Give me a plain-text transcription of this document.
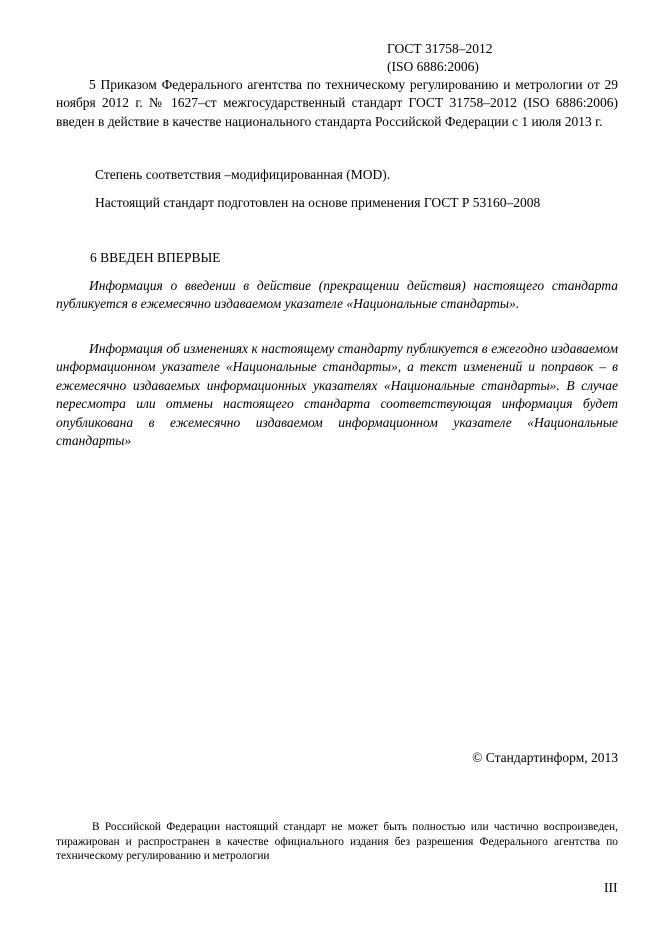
ГОСТ 31758–2012
(ISO 6886:2006)

5 Приказом Федерального агентства по техническому регулированию и метрологии от 29 ноября 2012 г. № 1627–ст межгосударственный стандарт ГОСТ 31758–2012 (ISO 6886:2006) введен в действие в качестве национального стандарта Российской Федерации с 1 июля 2013 г.

Степень соответствия –модифицированная (MOD).

Настоящий стандарт подготовлен на основе применения ГОСТ Р 53160–2008

6 ВВЕДЕН ВПЕРВЫЕ

Информация о введении в действие (прекращении действия) настоящего стандарта публикуется в ежемесячно издаваемом указателе «Национальные стандарты».

Информация об изменениях к настоящему стандарту публикуется в ежегодно издаваемом информационном указателе «Национальные стандарты», а текст изменений и поправок – в ежемесячно издаваемых информационных указателях «Национальные стандарты». В случае пересмотра или отмены настоящего стандарта соответствующая информация будет опубликована в ежемесячно издаваемом информационном указателе «Национальные стандарты»

© Стандартинформ, 2013

В Российской Федерации настоящий стандарт не может быть полностью или частично воспроизведен, тиражирован и распространен в качестве официального издания без разрешения Федерального агентства по техническому регулированию и метрологии

III
